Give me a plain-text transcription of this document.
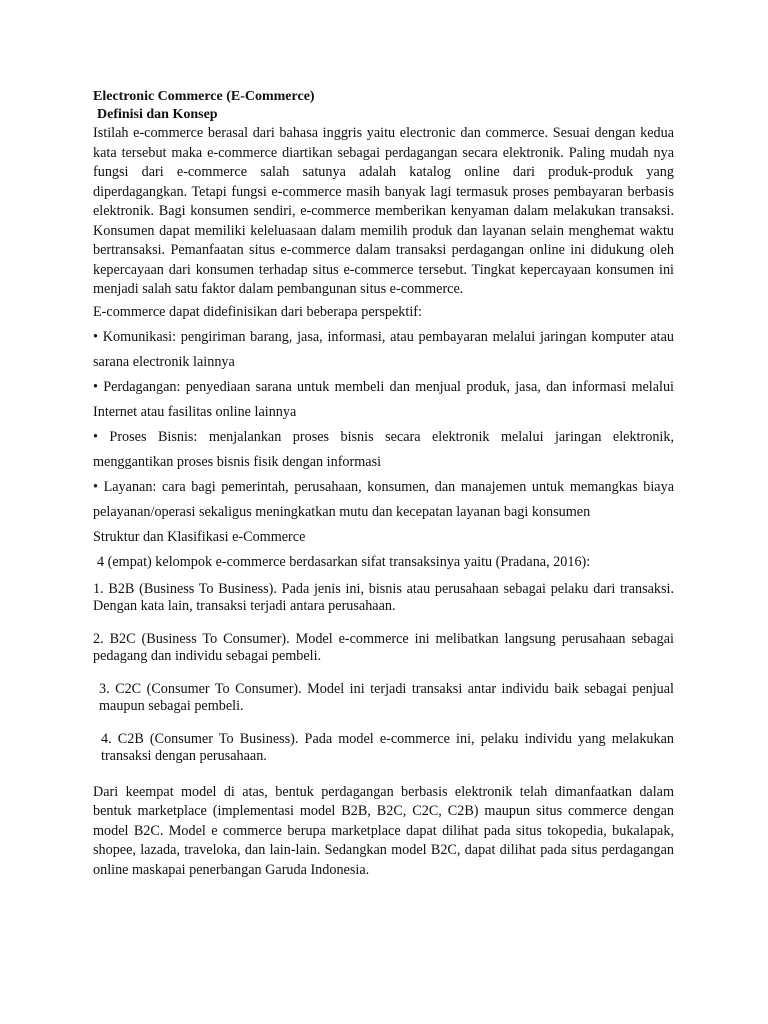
Electronic Commerce (E-Commerce)

Definisi dan Konsep

Istilah e-commerce berasal dari bahasa inggris yaitu electronic dan commerce. Sesuai dengan kedua kata tersebut maka e-commerce diartikan sebagai perdagangan secara elektronik. Paling mudah nya fungsi dari e-commerce salah satunya adalah katalog online dari produk-produk yang diperdagangkan. Tetapi fungsi e-commerce masih banyak lagi termasuk proses pembayaran berbasis elektronik. Bagi konsumen sendiri, e-commerce memberikan kenyaman dalam melakukan transaksi. Konsumen dapat memiliki keleluasaan dalam memilih produk dan layanan selain menghemat waktu bertransaksi. Pemanfaatan situs e-commerce dalam transaksi perdagangan online ini didukung oleh kepercayaan dari konsumen terhadap situs e-commerce tersebut. Tingkat kepercayaan konsumen ini menjadi salah satu faktor dalam pembangunan situs e-commerce.

E-commerce dapat didefinisikan dari beberapa perspektif:

• Komunikasi: pengiriman barang, jasa, informasi, atau pembayaran melalui jaringan komputer atau sarana electronik lainnya

• Perdagangan: penyediaan sarana untuk membeli dan menjual produk, jasa, dan informasi melalui Internet atau fasilitas online lainnya

• Proses Bisnis: menjalankan proses bisnis secara elektronik melalui jaringan elektronik, menggantikan proses bisnis fisik dengan informasi

• Layanan: cara bagi pemerintah, perusahaan, konsumen, dan manajemen untuk memangkas biaya pelayanan/operasi sekaligus meningkatkan mutu dan kecepatan layanan bagi konsumen

Struktur dan Klasifikasi e-Commerce

4 (empat) kelompok e-commerce berdasarkan sifat transaksinya yaitu (Pradana, 2016):

1. B2B (Business To Business). Pada jenis ini, bisnis atau perusahaan sebagai pelaku dari transaksi. Dengan kata lain, transaksi terjadi antara perusahaan.

2. B2C (Business To Consumer). Model e-commerce ini melibatkan langsung perusahaan sebagai pedagang dan individu sebagai pembeli.

3. C2C (Consumer To Consumer). Model ini terjadi transaksi antar individu baik sebagai penjual maupun sebagai pembeli.

4. C2B (Consumer To Business). Pada model e-commerce ini, pelaku individu yang melakukan transaksi dengan perusahaan.

Dari keempat model di atas, bentuk perdagangan berbasis elektronik telah dimanfaatkan dalam bentuk marketplace (implementasi model B2B, B2C, C2C, C2B) maupun situs commerce dengan model B2C. Model e commerce berupa marketplace dapat dilihat pada situs tokopedia, bukalapak, shopee, lazada, traveloka, dan lain-lain. Sedangkan model B2C, dapat dilihat pada situs perdagangan online maskapai penerbangan Garuda Indonesia.
